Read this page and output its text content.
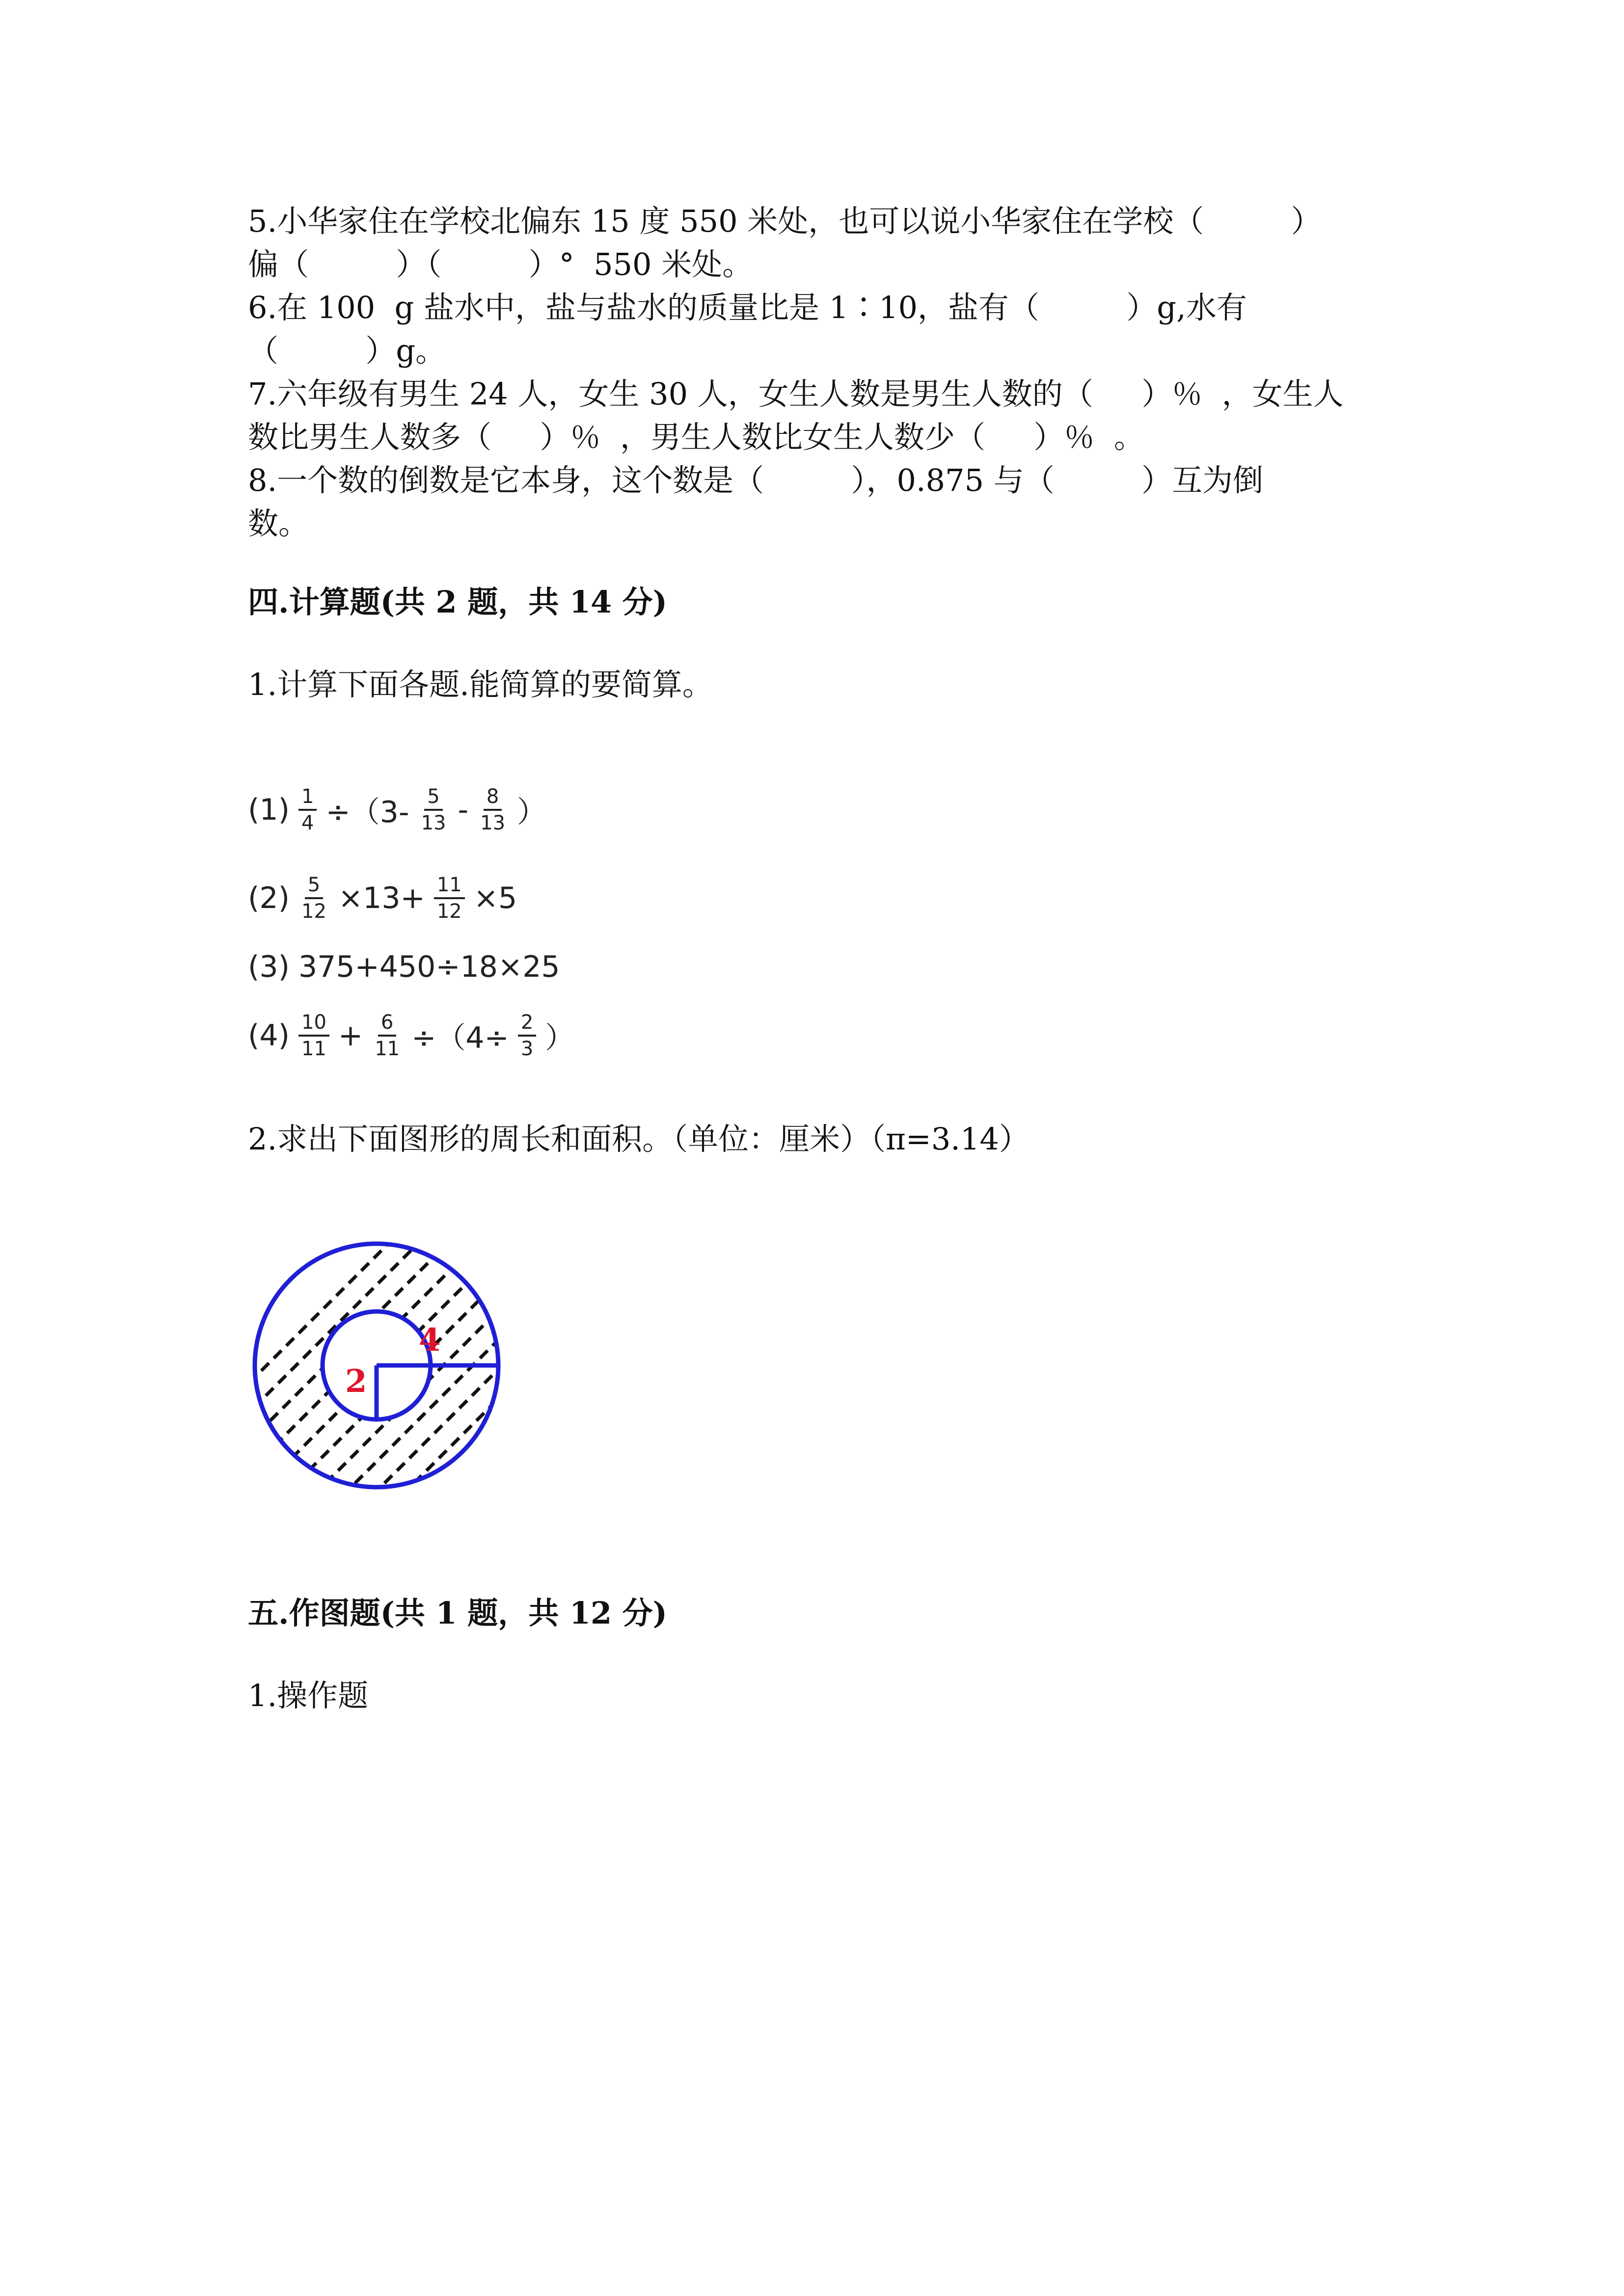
5.小华家住在学校北偏东 15 度 550 米处，也可以说小华家住在学校（         ）
偏（         ）（         ）°  550 米处。
6.在 100  g 盐水中，盐与盐水的质量比是 1∶10，盐有（         ）g,水有
（         ）g。
7.六年级有男生 24 人，女生 30 人，女生人数是男生人数的（     ）％  ，女生人
数比男生人数多（     ）％  ，男生人数比女生人数少（     ）％  。
8.一个数的倒数是它本身，这个数是（         ），0.875 与（         ）互为倒
数。
四.计算题(共 2 题，共 14 分)
1.计算下面各题.能简算的要简算。
$(1) \frac{1}{4} \div(3- \frac{5}{13} - \frac{8}{13}$ ）
$(2) \frac{5}{12} \times 13+ \frac{11}{12} \times 5$
(3) 375+450÷18×25
$(4) \frac{10}{11} + \frac{6}{11} \div(4\div \frac{2}{3}$ ）
2.求出下面图形的周长和面积。（单位：厘米）（π=3.14）
2
4
五.作图题(共 1 题，共 12 分)
1.操作题
